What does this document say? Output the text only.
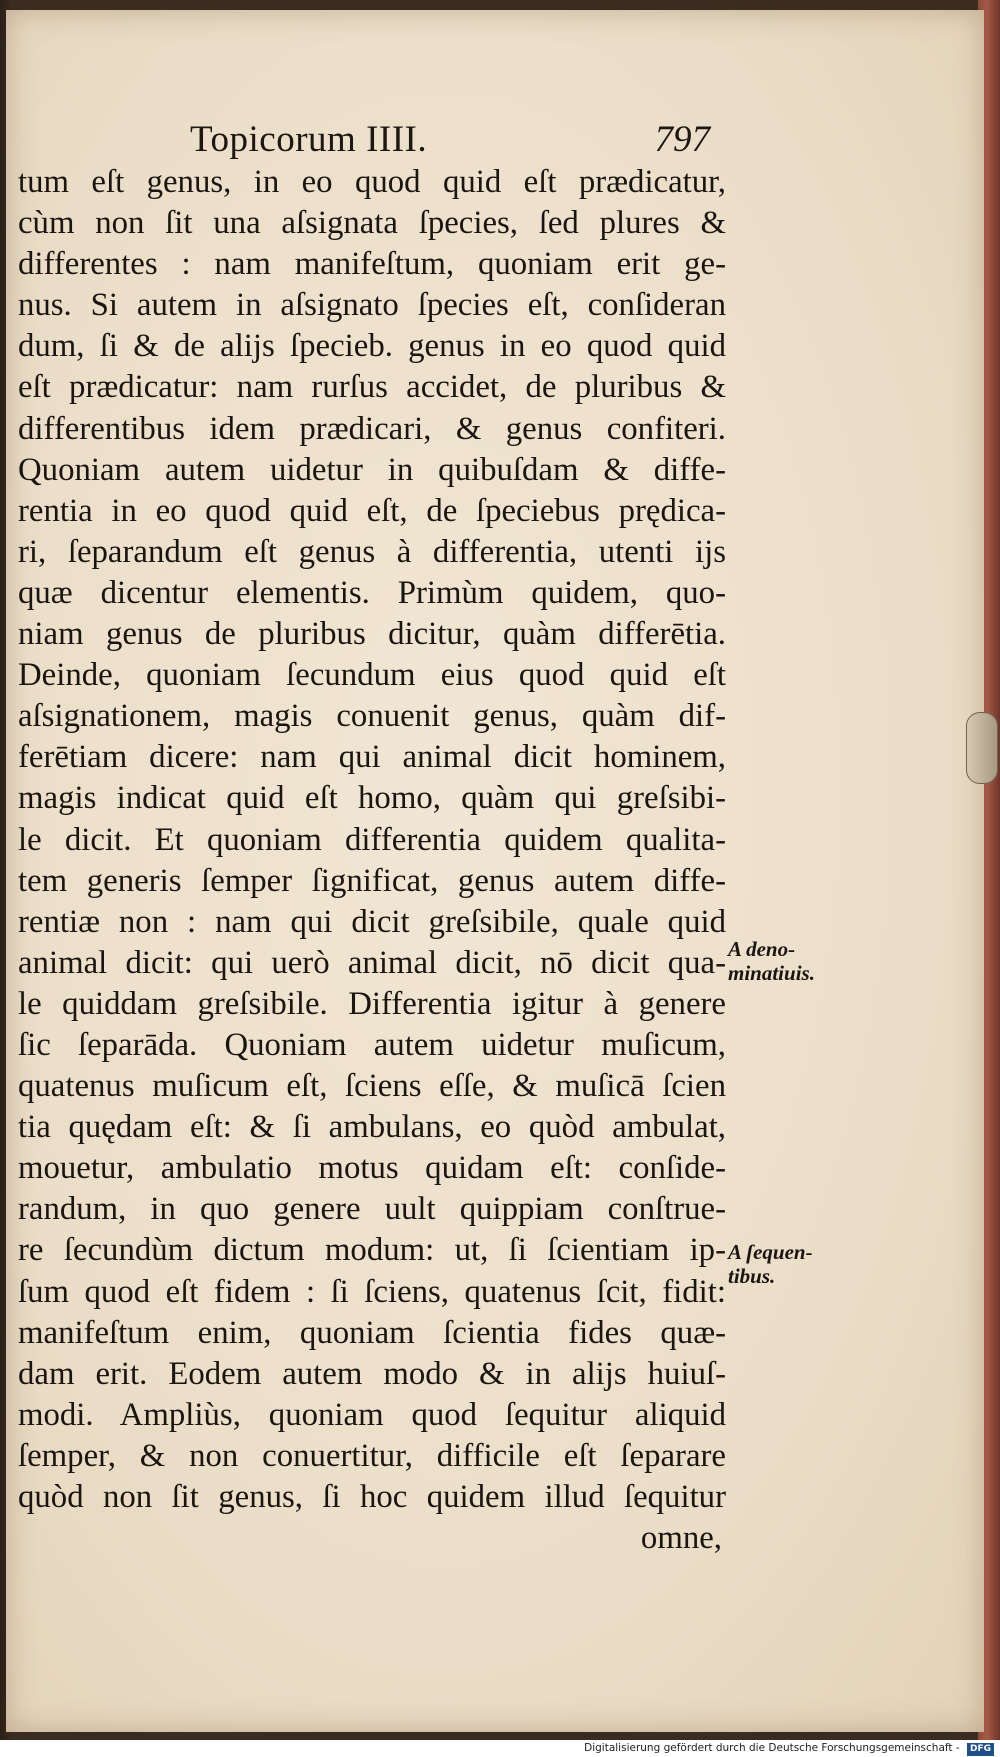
Topicorum IIII.	797
tum eſt genus, in eo quod quid eſt prædicatur,
cùm non ſit una aſsignata ſpecies, ſed plures &
differentes : nam manifeſtum, quoniam erit ge-
nus. Si autem in aſsignato ſpecies eſt, conſideran
dum, ſi & de alijs ſpecieb. genus in eo quod quid
eſt prædicatur: nam rurſus accidet, de pluribus &
differentibus idem prædicari, & genus confiteri.
Quoniam autem uidetur in quibuſdam & diffe-
rentia in eo quod quid eſt, de ſpeciebus prędica-
ri, ſeparandum eſt genus à differentia, utenti ijs
quæ dicentur elementis. Primùm quidem, quo-
niam genus de pluribus dicitur, quàm differētia.
Deinde, quoniam ſecundum eius quod quid eſt
aſsignationem, magis conuenit genus, quàm dif-
ferētiam dicere: nam qui animal dicit hominem,
magis indicat quid eſt homo, quàm qui greſsibi-
le dicit. Et quoniam differentia quidem qualita-
tem generis ſemper ſignificat, genus autem diffe-
rentiæ non : nam qui dicit greſsibile, quale quid
animal dicit: qui uerò animal dicit, nō dicit qua-
le quiddam greſsibile. Differentia igitur à genere
ſic ſeparāda. Quoniam autem uidetur muſicum,
quatenus muſicum eſt, ſciens eſſe, & muſicā ſcien
tia quędam eſt: & ſi ambulans, eo quòd ambulat,
mouetur, ambulatio motus quidam eſt: conſide-
randum, in quo genere uult quippiam conſtrue-
re ſecundùm dictum modum: ut, ſi ſcientiam ip-
ſum quod eſt fidem : ſi ſciens, quatenus ſcit, fidit:
manifeſtum enim, quoniam ſcientia fides quæ-
dam erit. Eodem autem modo & in alijs huiuſ-
modi. Ampliùs, quoniam quod ſequitur aliquid
ſemper, & non conuertitur, difficile eſt ſeparare
quòd non ſit genus, ſi hoc quidem illud ſequitur
omne,
A deno-
minatiuis.
A ſequen-
tibus.
Digitalisierung gefördert durch die Deutsche Forschungsgemeinschaft - DFG
